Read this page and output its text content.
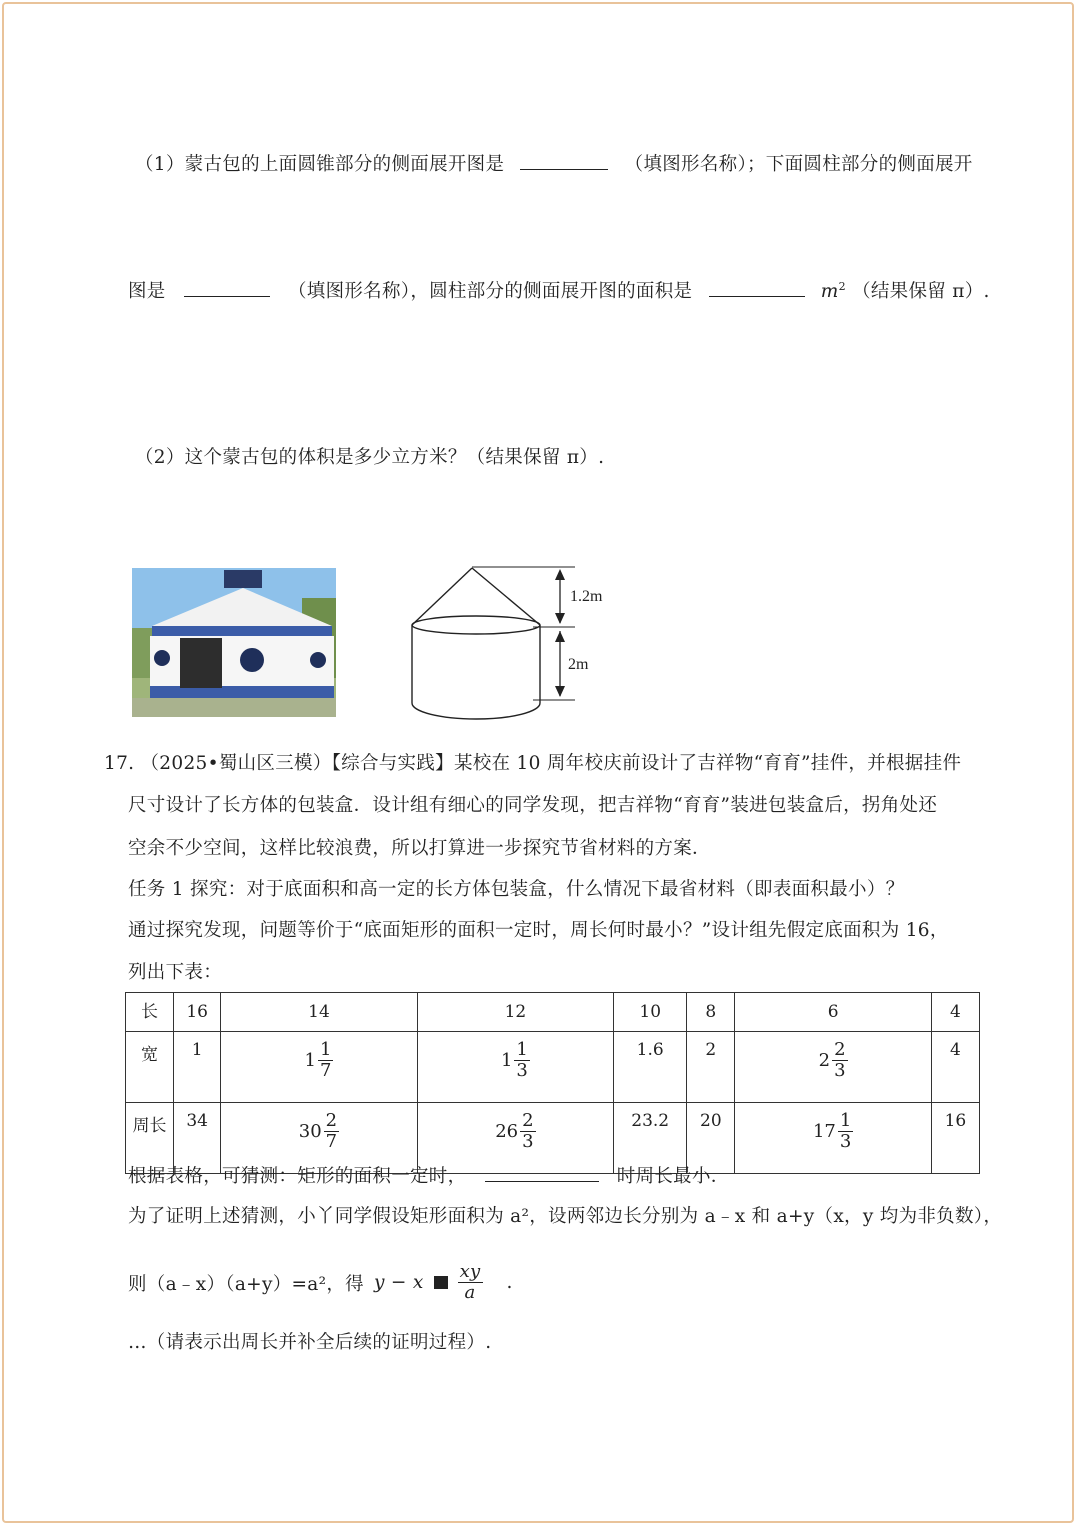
（1）蒙古包的上面圆锥部分的侧面展开图是	（填图形名称）；下面圆柱部分的侧面展开
图是	（填图形名称），圆柱部分的侧面展开图的面积是	$m^2$ （结果保留 π）.
（2）这个蒙古包的体积是多少立方米？（结果保留 π）.
1.2m
2m
17. （2025•蜀山区三模）【综合与实践】某校在 10 周年校庆前设计了吉祥物“育育”挂件，并根据挂件
尺寸设计了长方体的包装盒．设计组有细心的同学发现，把吉祥物“育育”装进包装盒后，拐角处还
空余不少空间，这样比较浪费，所以打算进一步探究节省材料的方案．
任务 1 探究：对于底面积和高一定的长方体包装盒，什么情况下最省材料（即表面积最小）？
通过探究发现，问题等价于“底面矩形的面积一定时，周长何时最小？”设计组先假定底面积为 16，
列出下表：
长	16	14	12	10	8	6	4
宽	1	$1 \frac{1}{7}$	$1 \frac{1}{3}$	1.6	2	$2 \frac{2}{3}$	4
周长	34	$30 \frac{2}{7}$	$26 \frac{2}{3}$	23.2	20	$17 \frac{1}{3}$	16
根据表格，可猜测：矩形的面积一定时，	时周长最小．
为了证明上述猜测，小丫同学假设矩形面积为 a²，设两邻边长分别为 a﹣x 和 a+y（x，y 均为非负数），
则（a﹣x）（a+y）=a²，得 y − x $\frac{xy}{a}$ .
…（请表示出周长并补全后续的证明过程）.
